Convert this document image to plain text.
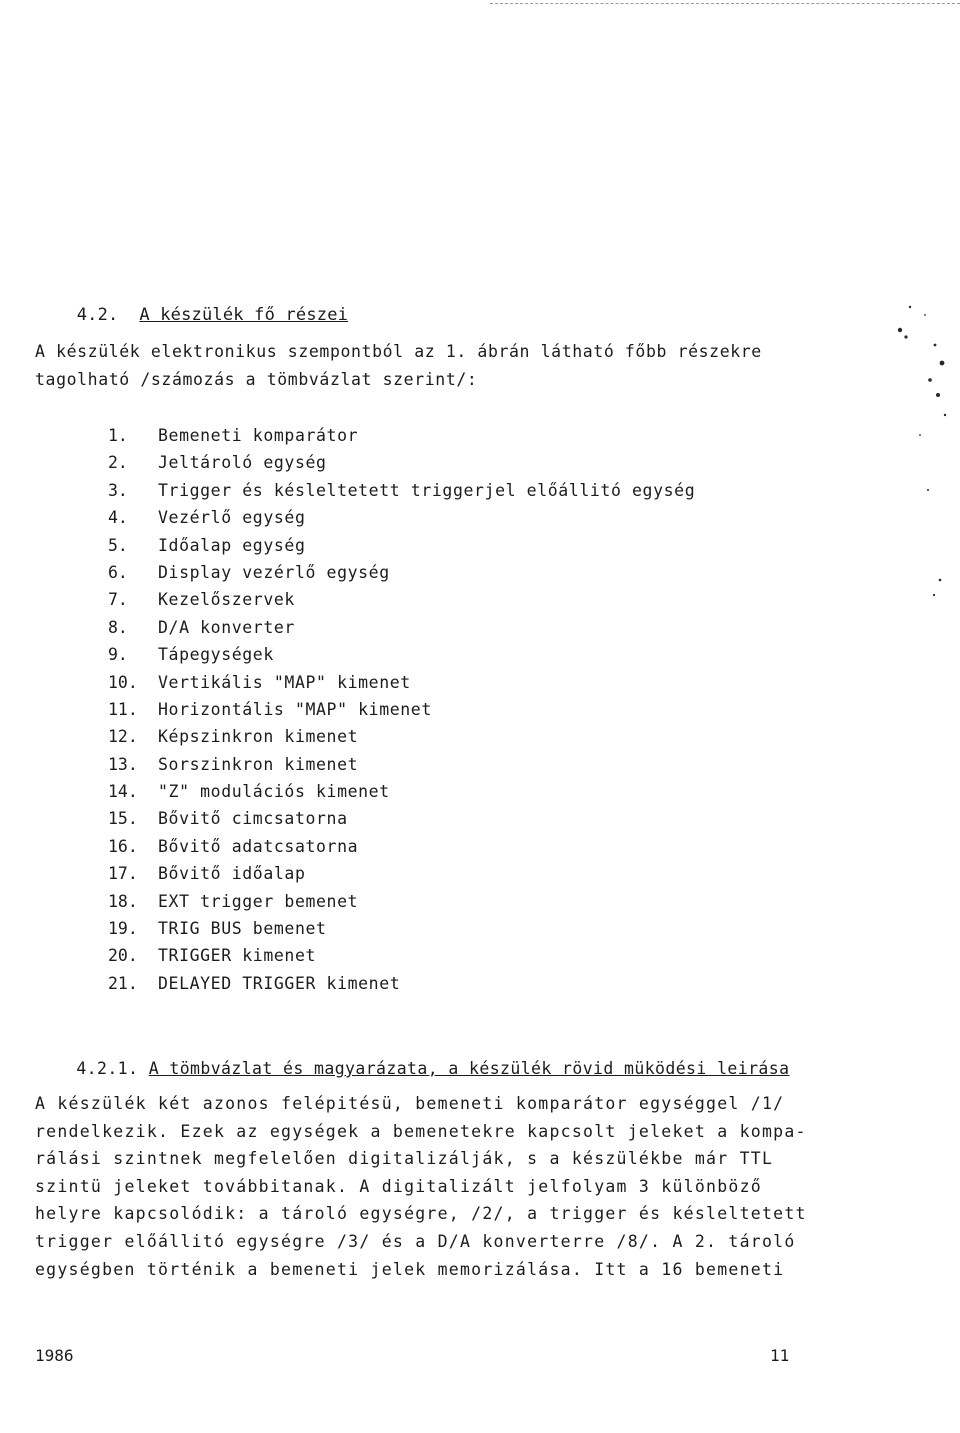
4.2. A készülék fő részei

A készülék elektronikus szempontból az 1. ábrán látható főbb részekre
tagolható /számozás a tömbvázlat szerint/:
1.	Bemeneti komparátor
2.	Jeltároló egység
3.	Trigger és késleltetett triggerjel előállitó egység
4.	Vezérlő egység
5.	Időalap egység
6.	Display vezérlő egység
7.	Kezelőszervek
8.	D/A konverter
9.	Tápegységek
10.	Vertikális "MAP" kimenet
11.	Horizontális "MAP" kimenet
12.	Képszinkron kimenet
13.	Sorszinkron kimenet
14.	"Z" modulációs kimenet
15.	Bővitő cimcsatorna
16.	Bővitő adatcsatorna
17.	Bővitő időalap
18.	EXT trigger bemenet
19.	TRIG BUS bemenet
20.	TRIGGER kimenet
21.	DELAYED TRIGGER kimenet

4.2.1. A tömbvázlat és magyarázata, a készülék rövid müködési leirása

A készülék két azonos felépitésü, bemeneti komparátor egységgel /1/
rendelkezik. Ezek az egységek a bemenetekre kapcsolt jeleket a kompa-
rálási szintnek megfelelően digitalizálják, s a készülékbe már TTL
szintü jeleket továbbitanak. A digitalizált jelfolyam 3 különböző
helyre kapcsolódik: a tároló egységre, /2/, a trigger és késleltetett
trigger előállitó egységre /3/ és a D/A konverterre /8/. A 2. tároló
egységben történik a bemeneti jelek memorizálása. Itt a 16 bemeneti
1986	11
